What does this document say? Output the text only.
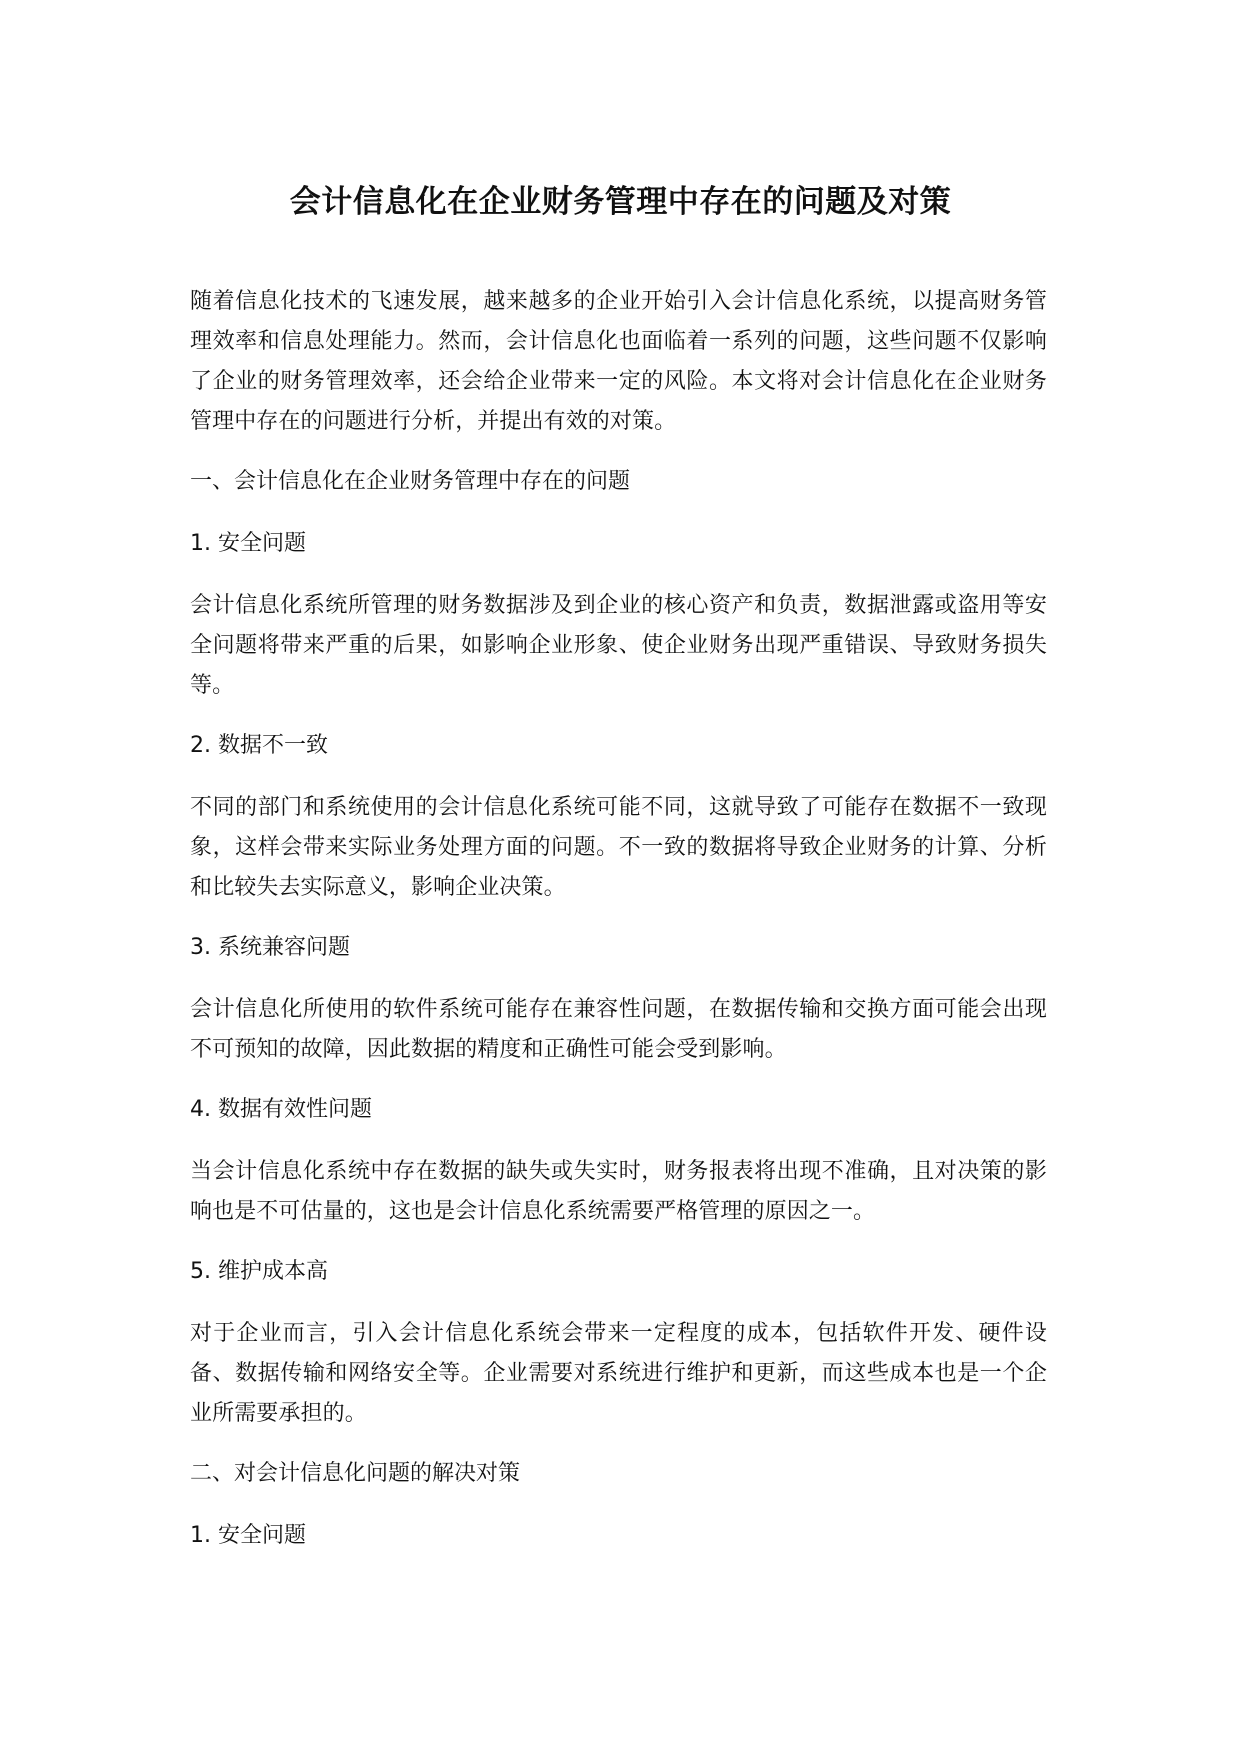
会计信息化在企业财务管理中存在的问题及对策

随着信息化技术的飞速发展，越来越多的企业开始引入会计信息化系统，以提高财务管理效率和信息处理能力。然而，会计信息化也面临着一系列的问题，这些问题不仅影响了企业的财务管理效率，还会给企业带来一定的风险。本文将对会计信息化在企业财务管理中存在的问题进行分析，并提出有效的对策。

一、会计信息化在企业财务管理中存在的问题
1. 安全问题

会计信息化系统所管理的财务数据涉及到企业的核心资产和负责，数据泄露或盗用等安全问题将带来严重的后果，如影响企业形象、使企业财务出现严重错误、导致财务损失等。

2. 数据不一致

不同的部门和系统使用的会计信息化系统可能不同，这就导致了可能存在数据不一致现象，这样会带来实际业务处理方面的问题。不一致的数据将导致企业财务的计算、分析和比较失去实际意义，影响企业决策。

3. 系统兼容问题

会计信息化所使用的软件系统可能存在兼容性问题，在数据传输和交换方面可能会出现不可预知的故障，因此数据的精度和正确性可能会受到影响。

4. 数据有效性问题

当会计信息化系统中存在数据的缺失或失实时，财务报表将出现不准确，且对决策的影响也是不可估量的，这也是会计信息化系统需要严格管理的原因之一。

5. 维护成本高

对于企业而言，引入会计信息化系统会带来一定程度的成本，包括软件开发、硬件设备、数据传输和网络安全等。企业需要对系统进行维护和更新，而这些成本也是一个企业所需要承担的。

二、对会计信息化问题的解决对策
1. 安全问题
